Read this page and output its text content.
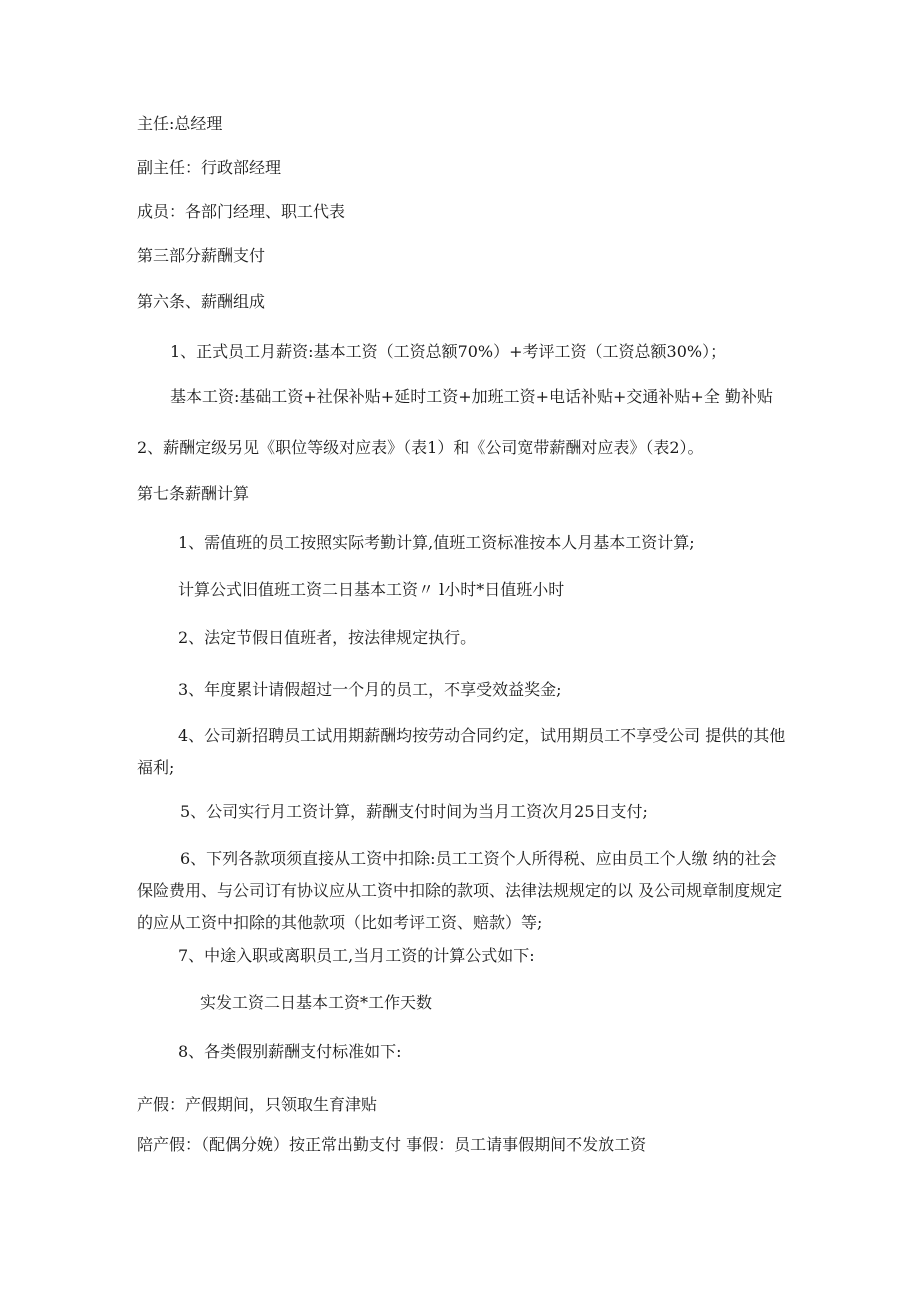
主任:总经理

副主任：行政部经理

成员：各部门经理、职工代表

第三部分薪酬支付

第六条、薪酬组成

1、正式员工月薪资:基本工资（工资总额70%）+考评工资（工资总额30%）；

基本工资:基础工资+社保补贴+延时工资+加班工资+电话补贴+交通补贴+全 勤补贴

2、薪酬定级另见《职位等级对应表》（表1）和《公司宽带薪酬对应表》（表2）。

第七条薪酬计算

1、需值班的员工按照实际考勤计算,值班工资标准按本人月基本工资计算;

计算公式旧值班工资二日基本工资〃 l小时*日值班小时

2、法定节假日值班者，按法律规定执行。

3、年度累计请假超过一个月的员工，不享受效益奖金;

4、公司新招聘员工试用期薪酬均按劳动合同约定，试用期员工不享受公司 提供的其他福利;

5、公司实行月工资计算，薪酬支付时间为当月工资次月25日支付;

6、下列各款项须直接从工资中扣除:员工工资个人所得税、应由员工个人缴 纳的社会保险费用、与公司订有协议应从工资中扣除的款项、法律法规规定的以 及公司规章制度规定的应从工资中扣除的其他款项（比如考评工资、赔款）等;

7、中途入职或离职员工,当月工资的计算公式如下:

实发工资二日基本工资*工作天数

8、各类假别薪酬支付标准如下:

产假：产假期间，只领取生育津贴

陪产假：（配偶分娩）按正常出勤支付 事假：员工请事假期间不发放工资
